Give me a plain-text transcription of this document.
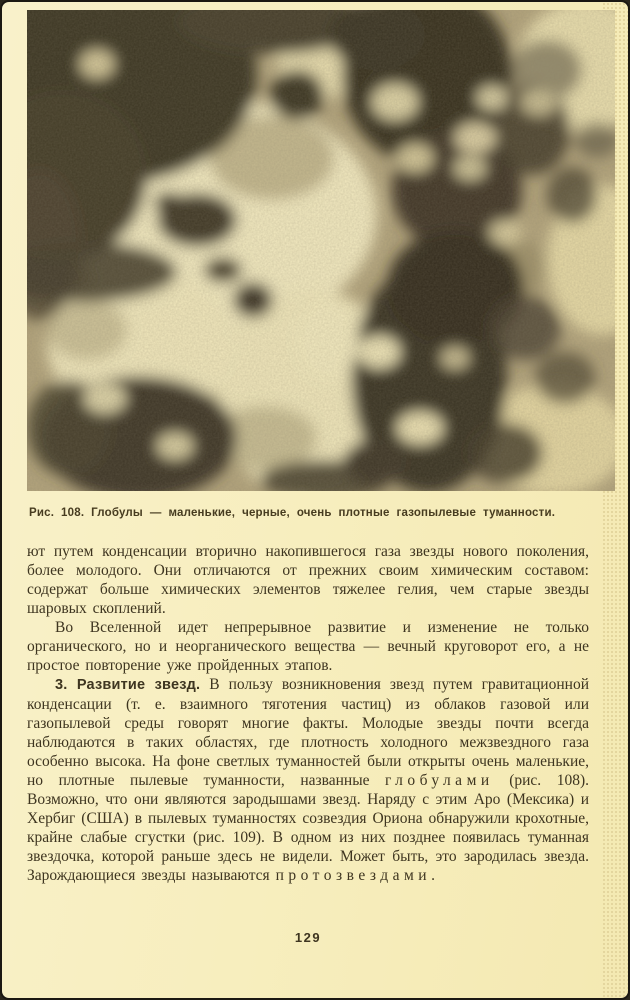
Рис. 108. Глобулы — маленькие, черные, очень плотные газопылевые туманности.

ют путем конденсации вторично накопившегося газа звезды нового поколения, более молодого. Они отличаются от прежних своим химическим составом: содержат больше химических элементов тяжелее гелия, чем старые звезды шаровых скоплений.

Во Вселенной идет непрерывное развитие и изменение не только органического, но и неорганического вещества — вечный круговорот его, а не простое повторение уже пройденных этапов.

3. Развитие звезд. В пользу возникновения звезд путем гравитационной конденсации (т. е. взаимного тяготения частиц) из облаков газовой или газопылевой среды говорят многие факты. Молодые звезды почти всегда наблюдаются в таких областях, где плотность холодного межзвездного газа особенно высока. На фоне светлых туманностей были открыты очень маленькие, но плотные пылевые туманности, названные глобулами (рис. 108). Возможно, что они являются зародышами звезд. Наряду с этим Аро (Мексика) и Хербиг (США) в пылевых туманностях созвездия Ориона обнаружили крохотные, крайне слабые сгустки (рис. 109). В одном из них позднее появилась туманная звездочка, которой раньше здесь не видели. Может быть, это зародилась звезда. Зарождающиеся звезды называются протозвездами.

129
